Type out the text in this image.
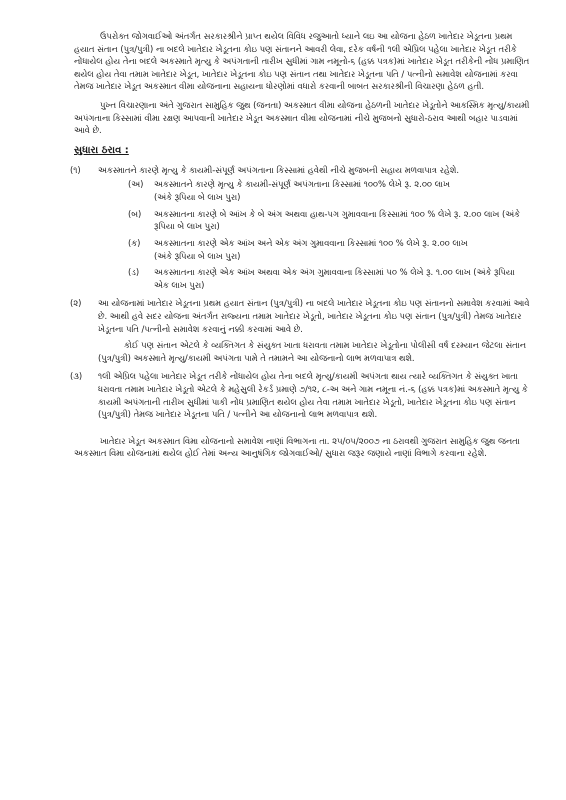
ઉપરોક્ત જોગવાઈઓ અંતર્ગત સરકારશ્રીને પ્રાપ્ત થયેલ વિવિધ રજુઆતો ધ્યાને લઇ આ યોજના હેઠળ ખાતેદાર ખેડૂતના પ્રથમ હયાત સંતાન (પુત્ર/પુત્રી) ના બદલે ખાતેદાર ખેડૂતના કોઇ પણ સંતાનને આવરી લેવા, દરેક વર્ષની ૧લી એપ્રિલ પહેલા ખાતેદાર ખેડૂત તરીકે નોંધાયેલ હોય તેના બદલે અકસ્માતે મૃત્યુ કે અપંગતાની તારીખ સુધીમાં ગામ નમૂનો-૬ (હક્ક પત્રક)માં ખાતેદાર ખેડૂત તરીકેની નોંધ પ્રમાણિત થયેલ હોય તેવા તમામ ખાતેદાર ખેડૂત, ખાતેદાર ખેડૂતના કોઇ પણ સંતાન તથા ખાતેદાર ખેડૂતના પતિ / પત્નીનો સમાવેશ યોજનામાં કરવા તેમજ ખાતેદાર ખેડૂત અકસ્માત વીમા યોજનાના સહાયના ધોરણોમાં વધારો કરવાની બાબત સરકારશ્રીની વિચારણા હેઠળ હતી.

પુખ્ત વિચારણાના અંતે ગુજરાત સામુહિક જુથ (જનતા) અકસ્માત વીમા યોજના હેઠળની ખાતેદાર ખેડૂતોને આકસ્મિક મૃત્યુ/કાયમી અપંગતાના કિસ્સામાં વીમા રક્ષણ આપવાની ખાતેદાર ખેડૂત અકસ્માત વીમા યોજનામાં નીચે મુજબનો સુધારો-ઠરાવ આથી બહાર પાડવામાં આવે છે.

સુધારા ઠરાવ :

(૧) અકસ્માતને કારણે મૃત્યુ કે કાયમી-સંપૂર્ણ અપંગતાના કિસ્સામાં હવેથી નીચે મુજબની સહાય મળવાપાત્ર રહેશે.

(અ) અકસ્માતને કારણે મૃત્યુ કે કાયમી-સંપૂર્ણ અપંગતાના કિસ્સામાં ૧૦૦% લેખે રૂ. ૨.૦૦ લાખ

(અંકે રૂપિયા બે લાખ પુરા)

(બ) અકસ્માતના કારણે બે આંખ કે બે અંગ અથવા હાથ-પગ ગુમાવવાના કિસ્સામાં ૧૦૦ % લેખે રૂ. ૨.૦૦ લાખ (અંકે રૂપિયા બે લાખ પુરા)

(ક) અકસ્માતના કારણે એક આંખ અને એક અંગ ગુમાવવાના કિસ્સામાં ૧૦૦ % લેખે રૂ. ૨.૦૦ લાખ

(અંકે રૂપિયા બે લાખ પુરા)

(ડ) અકસ્માતના કારણે એક આંખ અથવા એક અંગ ગુમાવવાના કિસ્સામાં ૫૦ % લેખે રૂ. ૧.૦૦ લાખ (અંકે રૂપિયા એક લાખ પુરા)

(૨) આ યોજનામાં ખાતેદાર ખેડૂતના પ્રથમ હયાત સંતાન (પુત્ર/પુત્રી) ના બદલે ખાતેદાર ખેડૂતના કોઇ પણ સંતાનનો સમાવેશ કરવામાં આવે છે. આથી હવે સદર યોજના અંતર્ગત રાજ્યના તમામ ખાતેદાર ખેડૂતો, ખાતેદાર ખેડૂતના કોઇ પણ સંતાન (પુત્ર/પુત્રી) તેમજ ખાતેદાર ખેડૂતના પતિ /પત્નીનો સમાવેશ કરવાનું નક્કી કરવામાં આવે છે.

કોઈ પણ સંતાન એટલે કે વ્યક્તિગત કે સંયુક્ત ખાતા ધરાવતા તમામ ખાતેદાર ખેડૂતોના પોલીસી વર્ષ દરમ્યાન જેટલા સંતાન (પુત્ર/પુત્રી) અકસ્માતે મૃત્યુ/કાયમી અપંગતા પામે તે તમામને આ યોજનાનો લાભ મળવાપાત્ર થશે.

(૩) ૧લી એપ્રિલ પહેલા ખાતેદાર ખેડૂત તરીકે નોંધાયેલ હોય તેના બદલે મૃત્યુ/કાયમી અપંગતા થાય ત્યારે વ્યક્તિગત કે સંયુક્ત ખાતા ધરાવતા તમામ ખાતેદાર ખેડૂતો એટલે કે મહેસુલી રેકર્ડ પ્રમાણે ૭/૧૨, ૮-અ અને ગામ નમૂના નં.-૬ (હક્ક પત્રક)માં અકસ્માતે મૃત્યુ કે કાયમી અપંગતાની તારીખ સુધીમાં પાકી નોંધ પ્રમાણિત થયેલ હોય તેવા તમામ ખાતેદાર ખેડૂતો, ખાતેદાર ખેડૂતના કોઇ પણ સંતાન (પુત્ર/પુત્રી) તેમજ ખાતેદાર ખેડૂતના પતિ / પત્નીને આ યોજનાનો લાભ મળવાપાત્ર થશે.

ખાતેદાર ખેડૂત અકસ્માત વિમા યોજનાનો સમાવેશ નાણાં વિભાગના તા. ૨૫/૦૫/૨૦૦૭ ના ઠરાવથી ગુજરાત સામુહિક જુથ જનતા અકસ્માત વિમા યોજનામાં થયેલ હોઈ તેમાં અન્ય આનુષંગિક જોગવાઈઓ/ સુધારા જરૂર જણાયે નાણાં વિભાગે કરવાના રહેશે.
